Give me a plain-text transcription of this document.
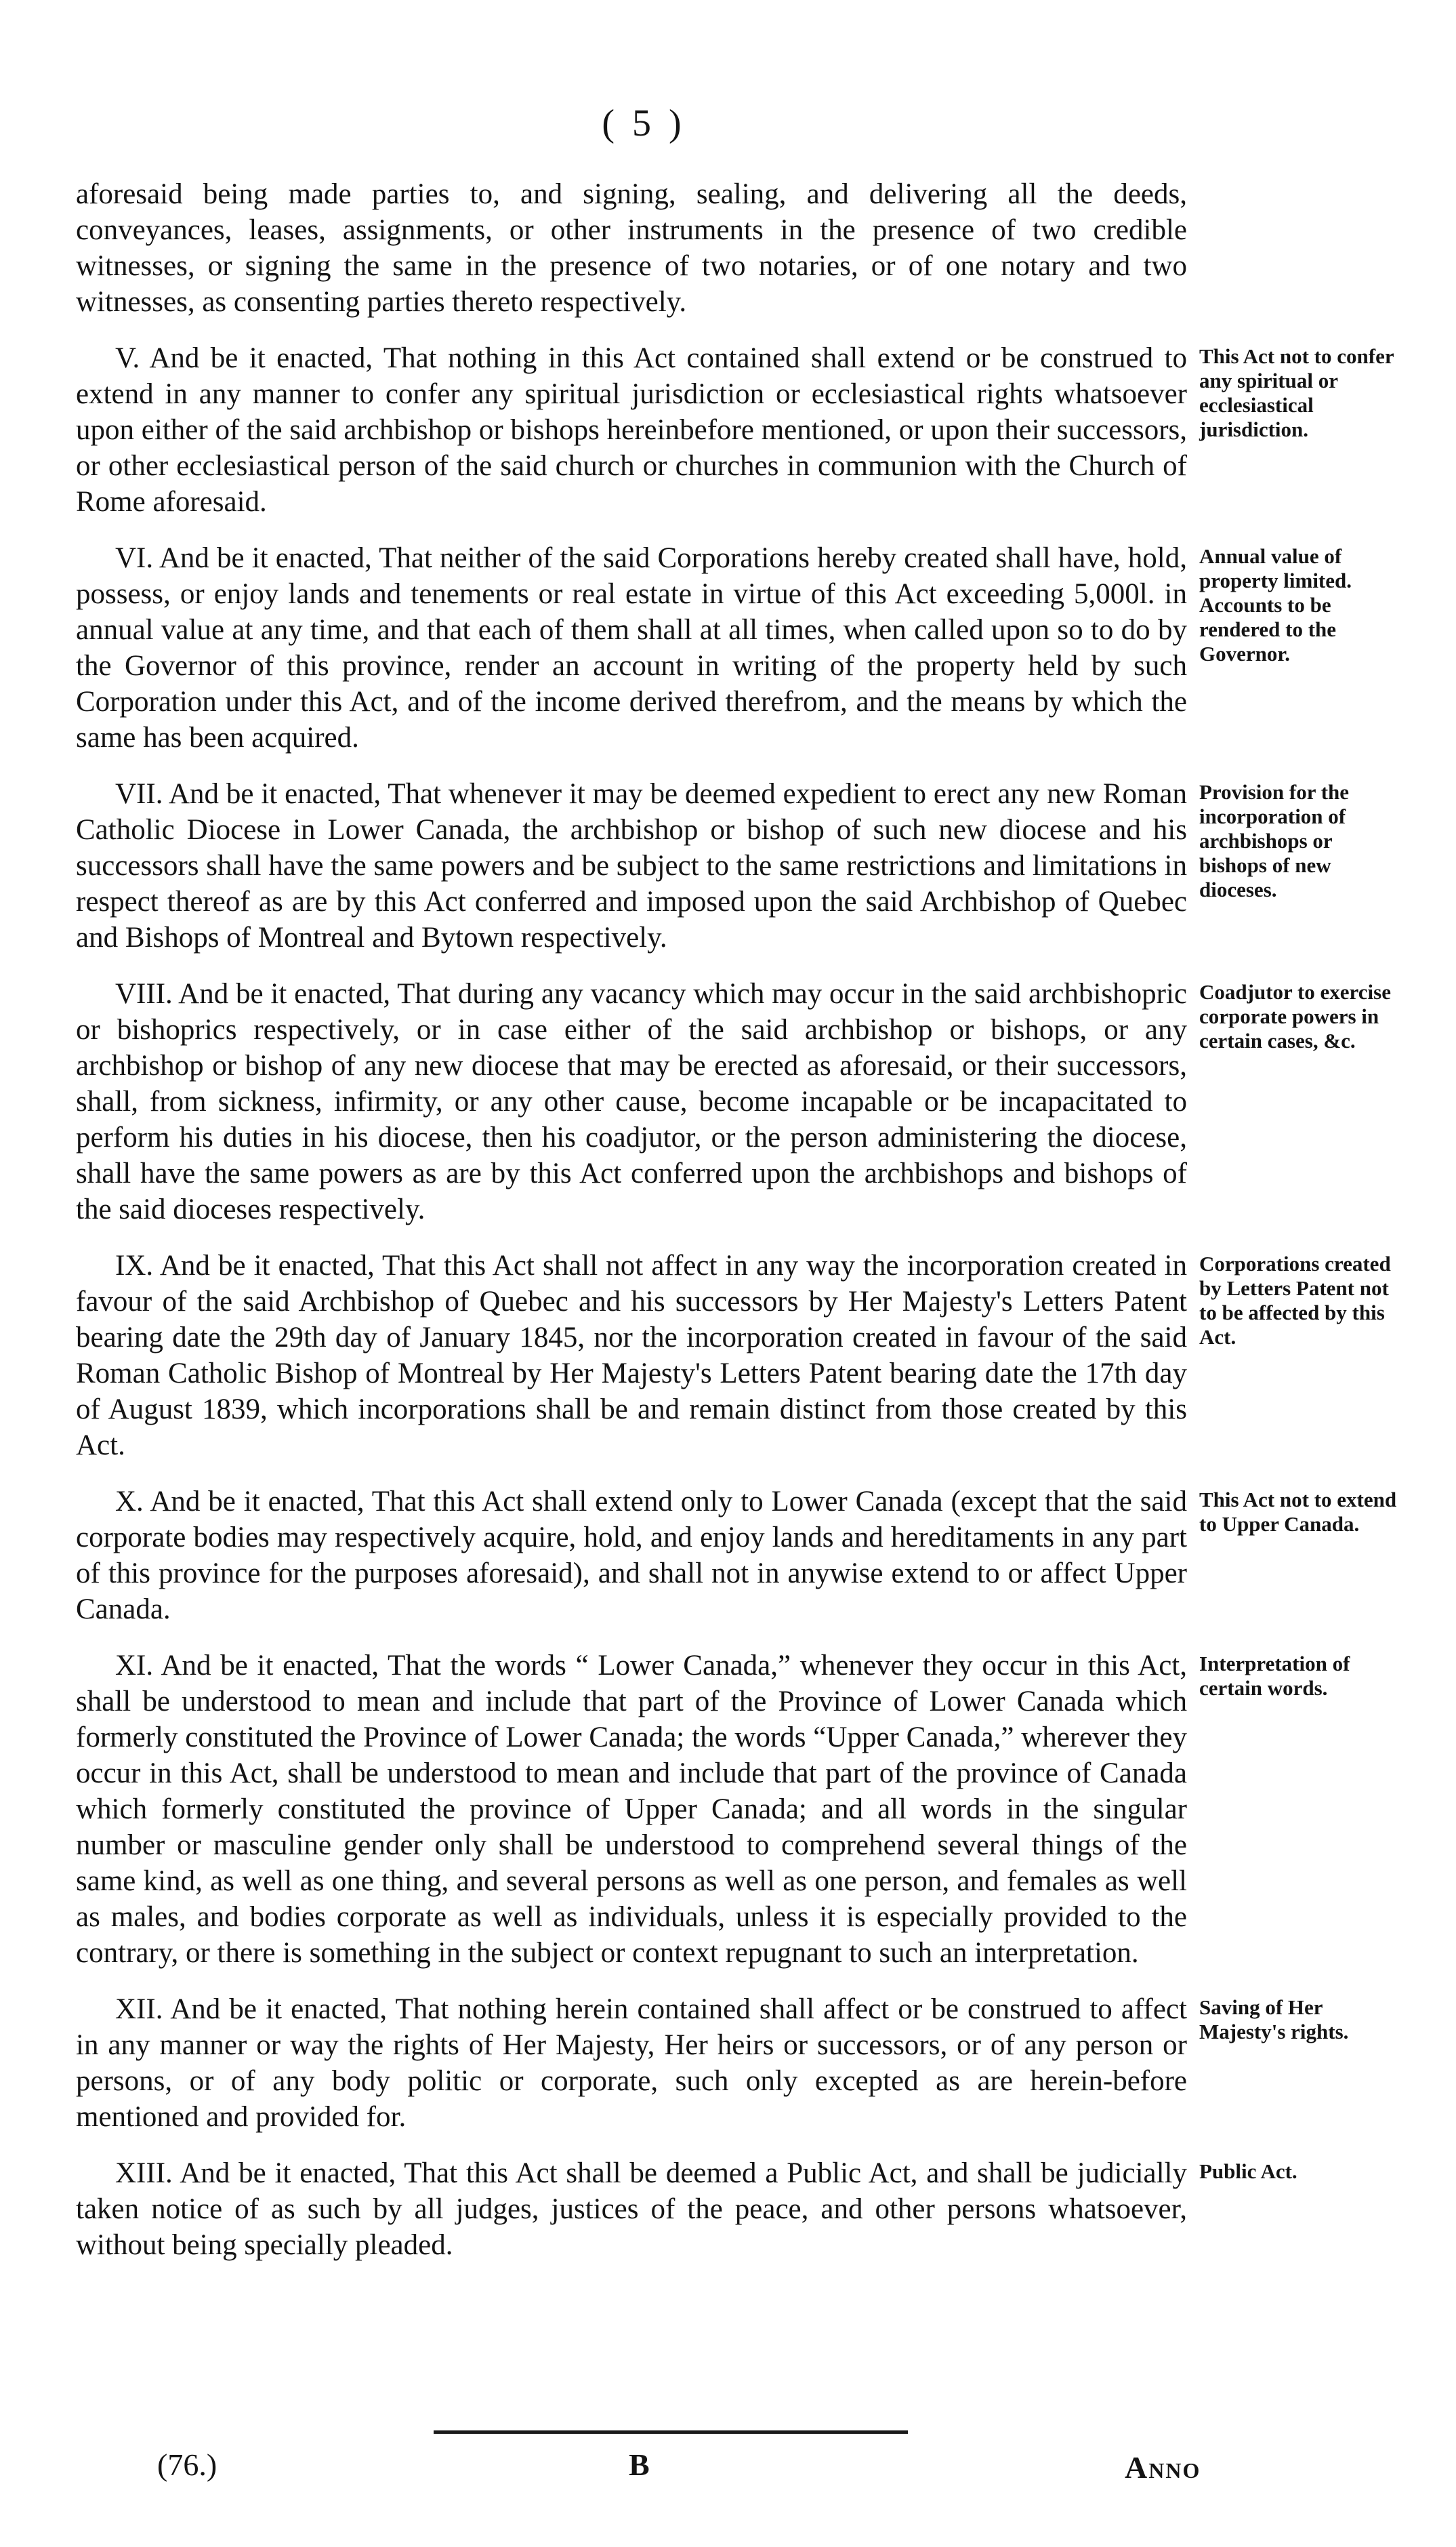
( 5 )
aforesaid being made parties to, and signing, sealing, and delivering all the deeds, conveyances, leases, assignments, or other instruments in the presence of two credible witnesses, or signing the same in the presence of two notaries, or of one notary and two witnesses, as consenting parties thereto respectively.
V. And be it enacted, That nothing in this Act contained shall extend or be construed to extend in any manner to confer any spiritual jurisdiction or ecclesiastical rights whatsoever upon either of the said archbishop or bishops hereinbefore mentioned, or upon their successors, or other ecclesiastical person of the said church or churches in communion with the Church of Rome aforesaid.
This Act not to confer any spiritual or ecclesiastical jurisdiction.
VI. And be it enacted, That neither of the said Corporations hereby created shall have, hold, possess, or enjoy lands and tenements or real estate in virtue of this Act exceeding 5,000l. in annual value at any time, and that each of them shall at all times, when called upon so to do by the Governor of this province, render an account in writing of the property held by such Corporation under this Act, and of the income derived therefrom, and the means by which the same has been acquired.
Annual value of property limited. Accounts to be rendered to the Governor.
VII. And be it enacted, That whenever it may be deemed expedient to erect any new Roman Catholic Diocese in Lower Canada, the archbishop or bishop of such new diocese and his successors shall have the same powers and be subject to the same restrictions and limitations in respect thereof as are by this Act conferred and imposed upon the said Archbishop of Quebec and Bishops of Montreal and Bytown respectively.
Provision for the incorporation of archbishops or bishops of new dioceses.
VIII. And be it enacted, That during any vacancy which may occur in the said archbishopric or bishoprics respectively, or in case either of the said archbishop or bishops, or any archbishop or bishop of any new diocese that may be erected as aforesaid, or their successors, shall, from sickness, infirmity, or any other cause, become incapable or be incapacitated to perform his duties in his diocese, then his coadjutor, or the person administering the diocese, shall have the same powers as are by this Act conferred upon the archbishops and bishops of the said dioceses respectively.
Coadjutor to exercise corporate powers in certain cases, &c.
IX. And be it enacted, That this Act shall not affect in any way the incorporation created in favour of the said Archbishop of Quebec and his successors by Her Majesty's Letters Patent bearing date the 29th day of January 1845, nor the incorporation created in favour of the said Roman Catholic Bishop of Montreal by Her Majesty's Letters Patent bearing date the 17th day of August 1839, which incorporations shall be and remain distinct from those created by this Act.
Corporations created by Letters Patent not to be affected by this Act.
X. And be it enacted, That this Act shall extend only to Lower Canada (except that the said corporate bodies may respectively acquire, hold, and enjoy lands and hereditaments in any part of this province for the purposes aforesaid), and shall not in anywise extend to or affect Upper Canada.
This Act not to extend to Upper Canada.
XI. And be it enacted, That the words “ Lower Canada,” whenever they occur in this Act, shall be understood to mean and include that part of the Province of Lower Canada which formerly constituted the Province of Lower Canada; the words “Upper Canada,” wherever they occur in this Act, shall be understood to mean and include that part of the province of Canada which formerly constituted the province of Upper Canada; and all words in the singular number or masculine gender only shall be understood to comprehend several things of the same kind, as well as one thing, and several persons as well as one person, and females as well as males, and bodies corporate as well as individuals, unless it is especially provided to the contrary, or there is something in the subject or context repugnant to such an interpretation.
Interpretation of certain words.
XII. And be it enacted, That nothing herein contained shall affect or be construed to affect in any manner or way the rights of Her Majesty, Her heirs or successors, or of any person or persons, or of any body politic or corporate, such only excepted as are herein-before mentioned and provided for.
Saving of Her Majesty's rights.
XIII. And be it enacted, That this Act shall be deemed a Public Act, and shall be judicially taken notice of as such by all judges, justices of the peace, and other persons whatsoever, without being specially pleaded.
Public Act.
(76.)	B	Anno
